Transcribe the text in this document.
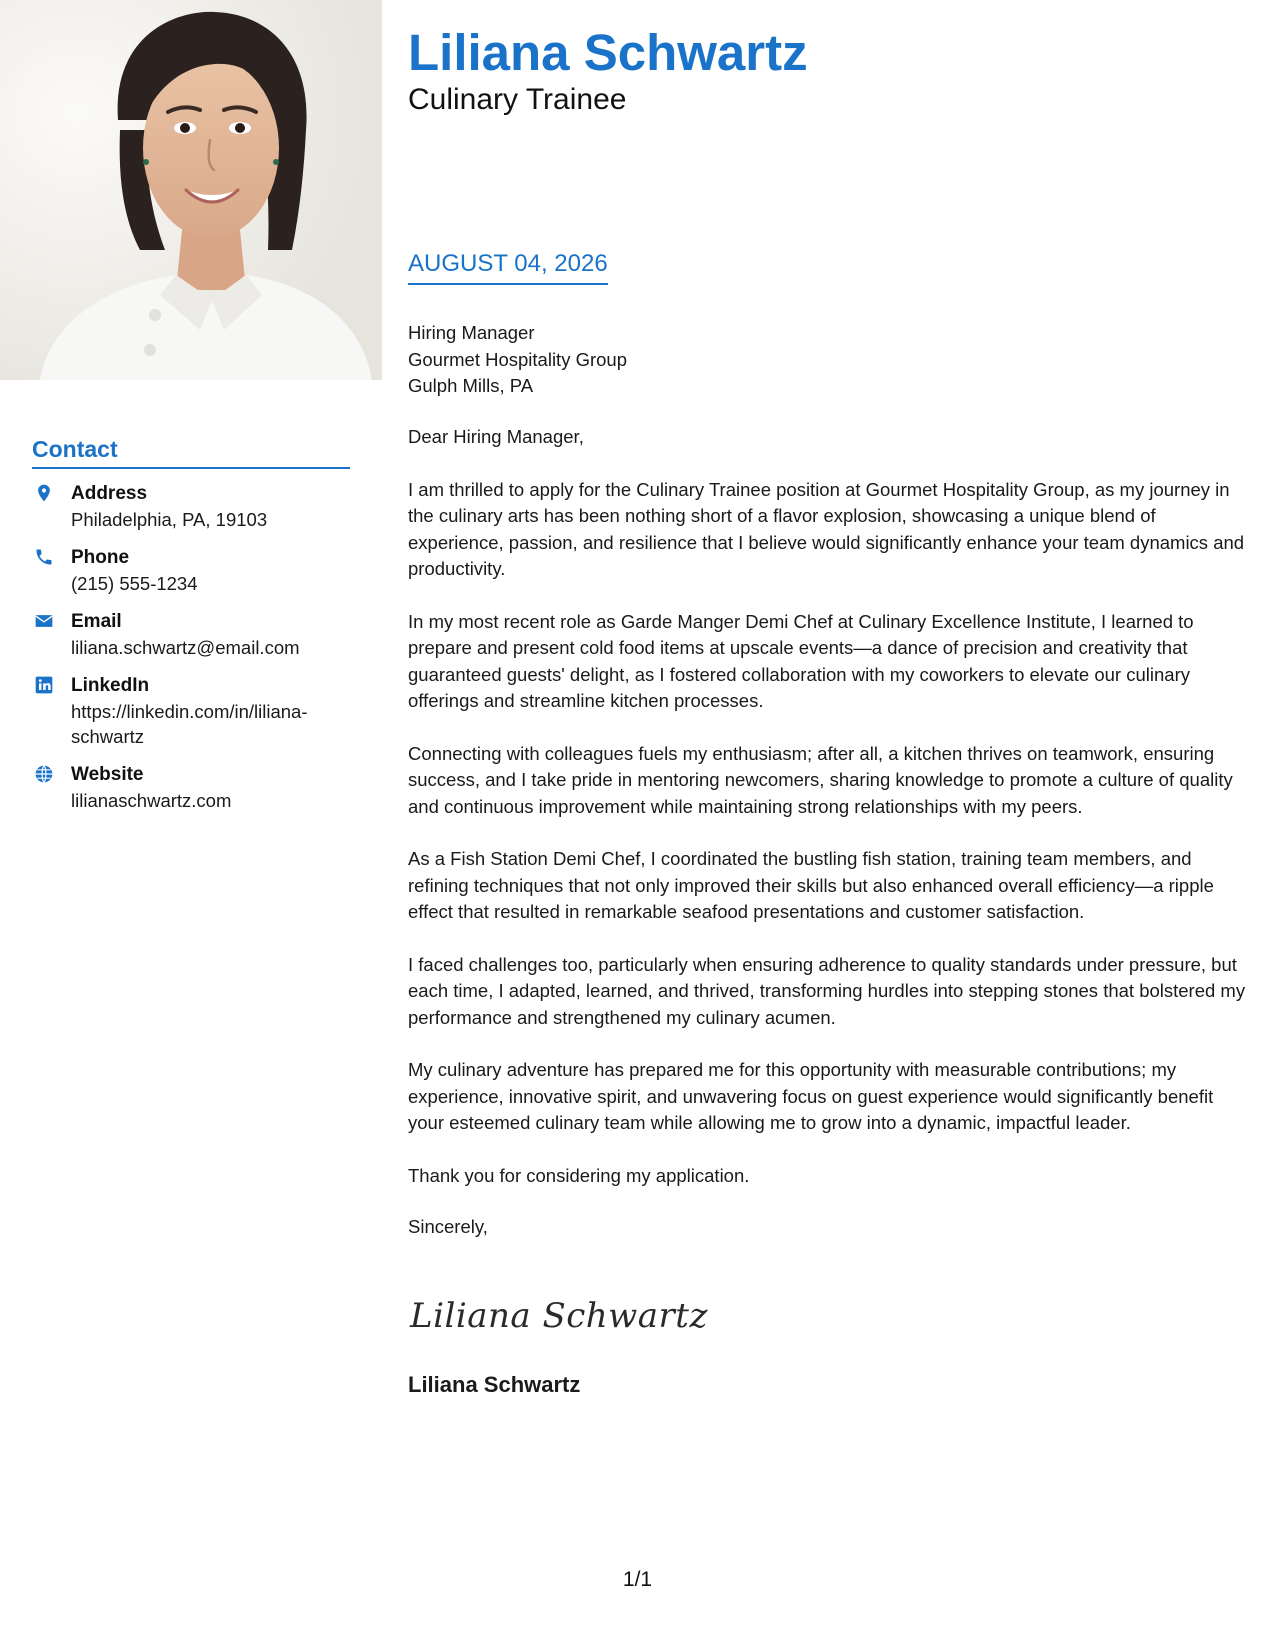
Contact
Address
Philadelphia, PA, 19103
Phone
(215) 555-1234
Email
liliana.schwartz@email.com
LinkedIn
https://linkedin.com/in/liliana-schwartz
Website
lilianaschwartz.com
Liliana Schwartz
Culinary Trainee
AUGUST 04, 2026
Hiring Manager
Gourmet Hospitality Group
Gulph Mills, PA

Dear Hiring Manager,

I am thrilled to apply for the Culinary Trainee position at Gourmet Hospitality Group, as my journey in the culinary arts has been nothing short of a flavor explosion, showcasing a unique blend of experience, passion, and resilience that I believe would significantly enhance your team dynamics and productivity.

In my most recent role as Garde Manger Demi Chef at Culinary Excellence Institute, I learned to prepare and present cold food items at upscale events—a dance of precision and creativity that guaranteed guests' delight, as I fostered collaboration with my coworkers to elevate our culinary offerings and streamline kitchen processes.

Connecting with colleagues fuels my enthusiasm; after all, a kitchen thrives on teamwork, ensuring success, and I take pride in mentoring newcomers, sharing knowledge to promote a culture of quality and continuous improvement while maintaining strong relationships with my peers.

As a Fish Station Demi Chef, I coordinated the bustling fish station, training team members, and refining techniques that not only improved their skills but also enhanced overall efficiency—a ripple effect that resulted in remarkable seafood presentations and customer satisfaction.

I faced challenges too, particularly when ensuring adherence to quality standards under pressure, but each time, I adapted, learned, and thrived, transforming hurdles into stepping stones that bolstered my performance and strengthened my culinary acumen.

My culinary adventure has prepared me for this opportunity with measurable contributions; my experience, innovative spirit, and unwavering focus on guest experience would significantly benefit your esteemed culinary team while allowing me to grow into a dynamic, impactful leader.

Thank you for considering my application.

Sincerely,
Liliana Schwartz
Liliana Schwartz
1/1
